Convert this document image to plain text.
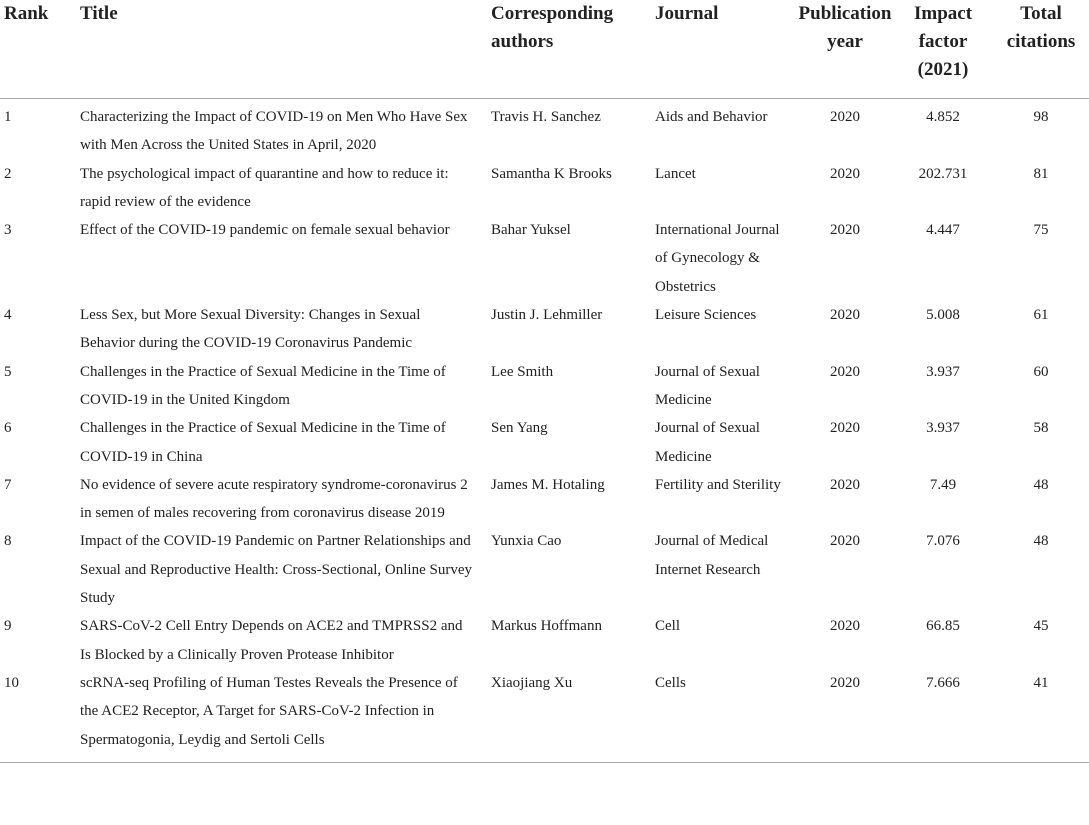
Rank	Title	Corresponding authors	Journal	Publication year	Impact factor (2021)	Total citations
1	Characterizing the Impact of COVID-19 on Men Who Have Sex with Men Across the United States in April, 2020	Travis H. Sanchez	Aids and Behavior	2020	4.852	98
2	The psychological impact of quarantine and how to reduce it: rapid review of the evidence	Samantha K Brooks	Lancet	2020	202.731	81
3	Effect of the COVID-19 pandemic on female sexual behavior	Bahar Yuksel	International Journal of Gynecology & Obstetrics	2020	4.447	75
4	Less Sex, but More Sexual Diversity: Changes in Sexual Behavior during the COVID-19 Coronavirus Pandemic	Justin J. Lehmiller	Leisure Sciences	2020	5.008	61
5	Challenges in the Practice of Sexual Medicine in the Time of COVID-19 in the United Kingdom	Lee Smith	Journal of Sexual Medicine	2020	3.937	60
6	Challenges in the Practice of Sexual Medicine in the Time of COVID-19 in China	Sen Yang	Journal of Sexual Medicine	2020	3.937	58
7	No evidence of severe acute respiratory syndrome-coronavirus 2 in semen of males recovering from coronavirus disease 2019	James M. Hotaling	Fertility and Sterility	2020	7.49	48
8	Impact of the COVID-19 Pandemic on Partner Relationships and Sexual and Reproductive Health: Cross-Sectional, Online Survey Study	Yunxia Cao	Journal of Medical Internet Research	2020	7.076	48
9	SARS-CoV-2 Cell Entry Depends on ACE2 and TMPRSS2 and Is Blocked by a Clinically Proven Protease Inhibitor	Markus Hoffmann	Cell	2020	66.85	45
10	scRNA-seq Profiling of Human Testes Reveals the Presence of the ACE2 Receptor, A Target for SARS-CoV-2 Infection in Spermatogonia, Leydig and Sertoli Cells	Xiaojiang Xu	Cells	2020	7.666	41
